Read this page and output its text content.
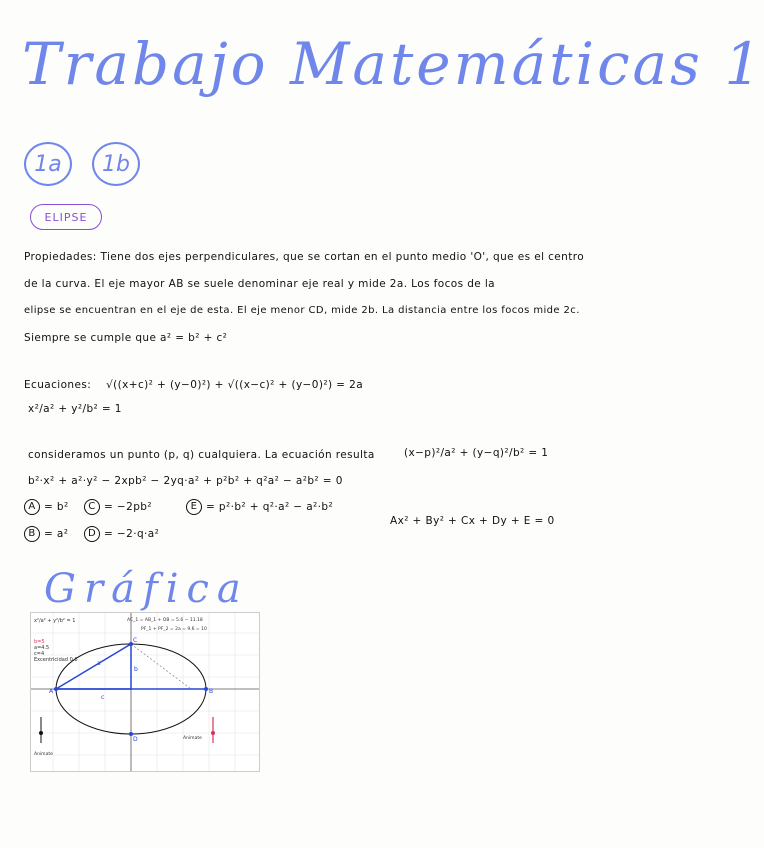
Trabajo Matemáticas 1
1a 1b
ELIPSE
Propiedades: Tiene dos ejes perpendiculares, que se cortan en el punto medio 'O', que es el centro
de la curva. El eje mayor AB se suele denominar eje real y mide 2a. Los focos de la
elipse se encuentran en el eje de esta. El eje menor CD, mide 2b. La distancia entre los focos mide 2c.
Siempre se cumple que a² = b² + c²
Ecuaciones: √((x+c)² + (y−0)²) + √((x−c)² + (y−0)²) = 2a
x²/a² + y²/b² = 1
consideramos un punto (p, q) cualquiera. La ecuación resulta	(x−p)²/a² + (y−q)²/b² = 1
b²·x² + a²·y² − 2xpb² − 2yq·a² + p²b² + q²a² − a²b² = 0
A = b²	C = −2pb²	E = p²·b² + q²·a² − a²·b²
B = a²	D = −2·q·a²
Ax² + By² + Cx + Dy + E = 0
Gráfica
x²/a² + y²/b² = 1
b=5
a=4.5
c=4
Excentricidad 0.8
AC_1 = AB_1 + OB = 5.6 − 11.18
PF_1 + PF_2 = 2a = 9.6 = 10
A	B
C
D
a
b
c
Animate
Animate
